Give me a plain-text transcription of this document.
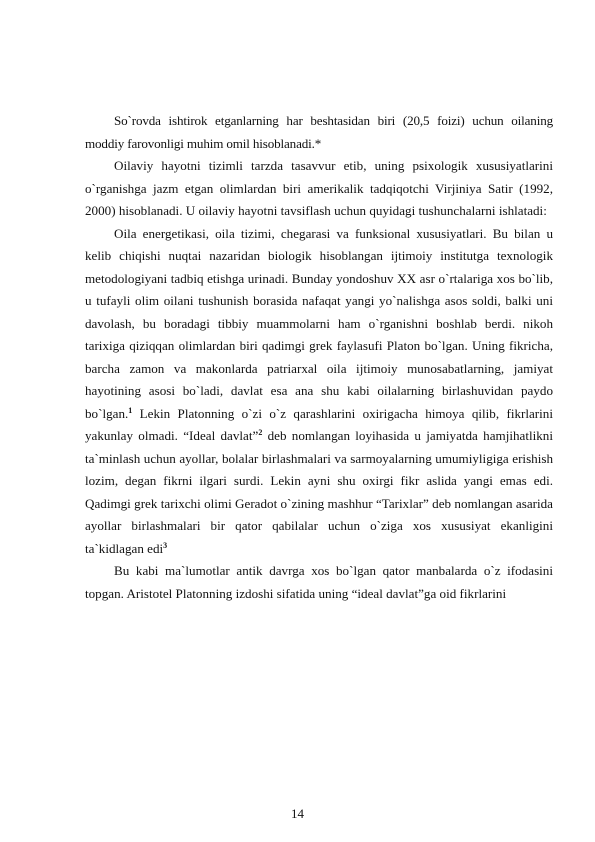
So`rovda ishtirok etganlarning har beshtasidan biri (20,5 foizi) uchun oilaning moddiy farovonligi muhim omil hisoblanadi.*

Oilaviy hayotni tizimli tarzda tasavvur etib, uning psixologik xususiyatlarini o`rganishga jazm etgan olimlardan biri amerikalik tadqiqotchi Virjiniya Satir (1992, 2000) hisoblanadi. U oilaviy hayotni tavsiflash uchun quyidagi tushunchalarni ishlatadi:

Oila energetikasi, oila tizimi, chegarasi va funksional xususiyatlari. Bu bilan u kelib chiqishi nuqtai nazaridan biologik hisoblangan ijtimoiy institutga texnologik metodologiyani tadbiq etishga urinadi. Bunday yondoshuv XX asr o`rtalariga xos bo`lib, u tufayli olim oilani tushunish borasida nafaqat yangi yo`nalishga asos soldi, balki uni davolash, bu boradagi tibbiy muammolarni ham o`rganishni boshlab berdi. nikoh tarixiga qiziqqan olimlardan biri qadimgi grek faylasufi Platon bo`lgan. Uning fikricha, barcha zamon va makonlarda patriarxal oila ijtimoiy munosabatlarning, jamiyat hayotining asosi bo`ladi, davlat esa ana shu kabi oilalarning birlashuvidan paydo bo`lgan.$^1$ Lekin Platonning o`zi o`z qarashlarini oxirigacha himoya qilib, fikrlarini yakunlay olmadi. “Ideal davlat”$^2$ deb nomlangan loyihasida u jamiyatda hamjihatlikni ta`minlash uchun ayollar, bolalar birlashmalari va sarmoyalarning umumiyligiga erishish lozim, degan fikrni ilgari surdi. Lekin ayni shu oxirgi fikr aslida yangi emas edi. Qadimgi grek tarixchi olimi Geradot o`zining mashhur “Tarixlar” deb nomlangan asarida ayollar birlashmalari bir qator qabilalar uchun o`ziga xos xususiyat ekanligini ta`kidlagan edi$^3$

Bu kabi ma`lumotlar antik davrga xos bo`lgan qator manbalarda o`z ifodasini topgan. Aristotel Platonning izdoshi sifatida uning “ideal davlat”ga oid fikrlarini

14
